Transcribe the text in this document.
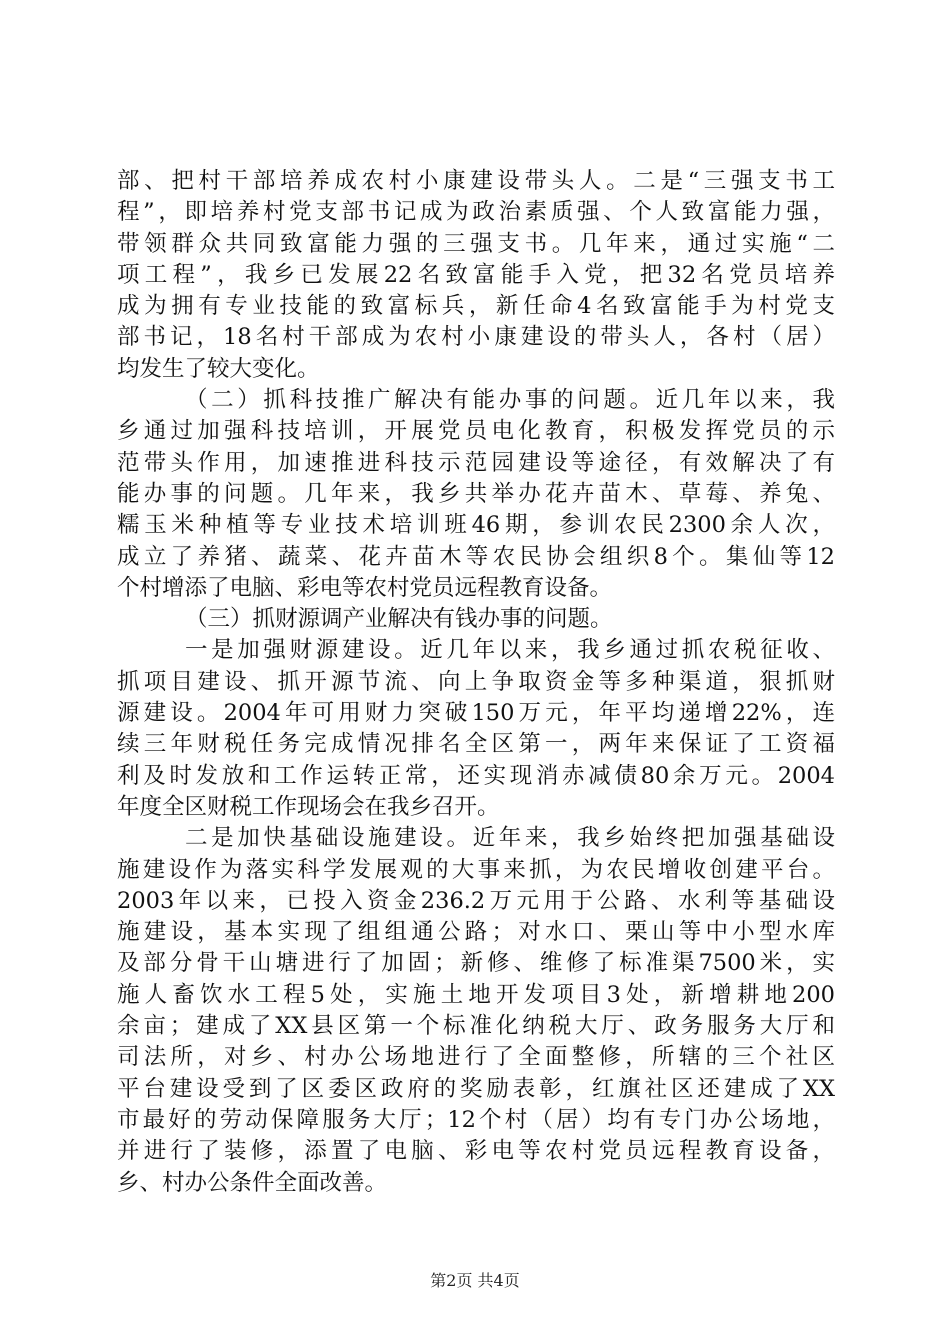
部、把村干部培养成农村小康建设带头人。二是“三强支书工
程”，即培养村党支部书记成为政治素质强、个人致富能力强，
带领群众共同致富能力强的三强支书。几年来，通过实施“二
项工程”，我乡已发展22名致富能手入党，把32名党员培养
成为拥有专业技能的致富标兵，新任命4名致富能手为村党支
部书记，18名村干部成为农村小康建设的带头人，各村（居）
均发生了较大变化。
（二）抓科技推广解决有能办事的问题。近几年以来，我
乡通过加强科技培训，开展党员电化教育，积极发挥党员的示
范带头作用，加速推进科技示范园建设等途径，有效解决了有
能办事的问题。几年来，我乡共举办花卉苗木、草莓、养兔、
糯玉米种植等专业技术培训班46期，参训农民2300余人次，
成立了养猪、蔬菜、花卉苗木等农民协会组织8个。集仙等12
个村增添了电脑、彩电等农村党员远程教育设备。
（三）抓财源调产业解决有钱办事的问题。
一是加强财源建设。近几年以来，我乡通过抓农税征收、
抓项目建设、抓开源节流、向上争取资金等多种渠道，狠抓财
源建设。2004年可用财力突破150万元，年平均递增22%，连
续三年财税任务完成情况排名全区第一，两年来保证了工资福
利及时发放和工作运转正常，还实现消赤减债80余万元。2004
年度全区财税工作现场会在我乡召开。
二是加快基础设施建设。近年来，我乡始终把加强基础设
施建设作为落实科学发展观的大事来抓，为农民增收创建平台。
2003年以来，已投入资金236.2万元用于公路、水利等基础设
施建设，基本实现了组组通公路；对水口、栗山等中小型水库
及部分骨干山塘进行了加固；新修、维修了标准渠7500米，实
施人畜饮水工程5处，实施土地开发项目3处，新增耕地200
余亩；建成了XX县区第一个标准化纳税大厅、政务服务大厅和
司法所，对乡、村办公场地进行了全面整修，所辖的三个社区
平台建设受到了区委区政府的奖励表彰，红旗社区还建成了XX
市最好的劳动保障服务大厅；12个村（居）均有专门办公场地，
并进行了装修，添置了电脑、彩电等农村党员远程教育设备，
乡、村办公条件全面改善。
第2页 共4页
